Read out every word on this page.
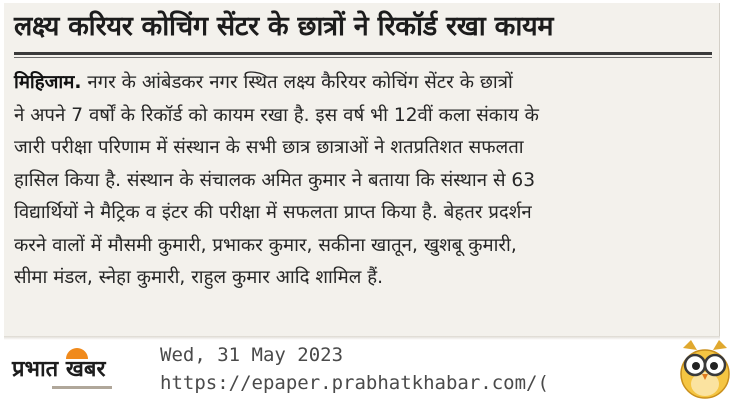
लक्ष्य करियर कोचिंग सेंटर के छात्रों ने रिकॉर्ड रखा कायम
मिहिजाम. नगर के आंबेडकर नगर स्थित लक्ष्य कैरियर कोचिंग सेंटर के छात्रों
ने अपने 7 वर्षों के रिकॉर्ड को कायम रखा है. इस वर्ष भी 12वीं कला संकाय के
जारी परीक्षा परिणाम में संस्थान के सभी छात्र छात्राओं ने शतप्रतिशत सफलता
हासिल किया है. संस्थान के संचालक अमित कुमार ने बताया कि संस्थान से 63
विद्यार्थियों ने मैट्रिक व इंटर की परीक्षा में सफलता प्राप्त किया है. बेहतर प्रदर्शन
करने वालों में मौसमी कुमारी, प्रभाकर कुमार, सकीना खातून, खुशबू कुमारी,
सीमा मंडल, स्नेहा कुमारी, राहुल कुमार आदि शामिल हैं.
प्रभात खबर
Wed, 31 May 2023
https://epaper.prabhatkhabar.com/(
